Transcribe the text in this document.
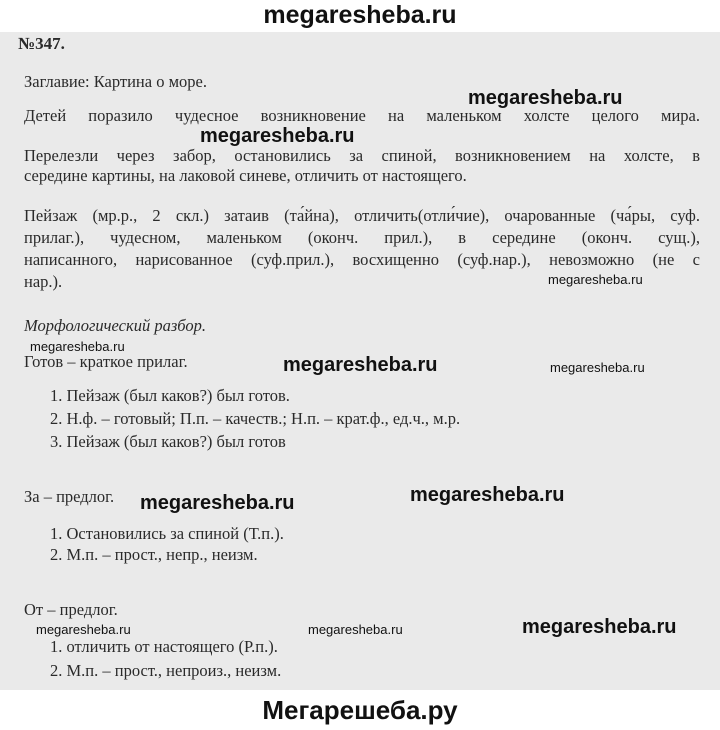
megaresheba.ru
№347.
Заглавие: Картина о море.
Детей поразило чудесное возникновение на маленьком холсте целого мира.
Перелезли через забор, остановились за спиной, возникновением на холсте, в
середине картины, на лаковой синеве, отличить от настоящего.
Пейзаж (мр.р., 2 скл.) затаив (та́йна), отличить(отли́чие), очарованные (ча́ры, суф.
прилаг.), чудесном, маленьком (оконч. прил.), в середине (оконч. сущ.),
написанного, нарисованное (суф.прил.), восхищенно (суф.нар.), невозможно (не с
нар.).
Морфологический разбор.
Готов – краткое прилаг.
1. Пейзаж (был каков?) был готов.
2. Н.ф. – готовый; П.п. – качеств.; Н.п. – крат.ф., ед.ч., м.р.
3. Пейзаж (был каков?) был готов
За – предлог.
1. Остановились за спиной (Т.п.).
2. М.п. – прост., непр., неизм.
От – предлог.
1. отличить от настоящего (Р.п.).
2. М.п. – прост., непроиз., неизм.
megaresheba.ru
megaresheba.ru
megaresheba.ru
megaresheba.ru	megaresheba.ru
megaresheba.ru
megaresheba.ru
megaresheba.ru
megaresheba.ru
megaresheba.ru	megaresheba.ru
Мегарешеба.ру
